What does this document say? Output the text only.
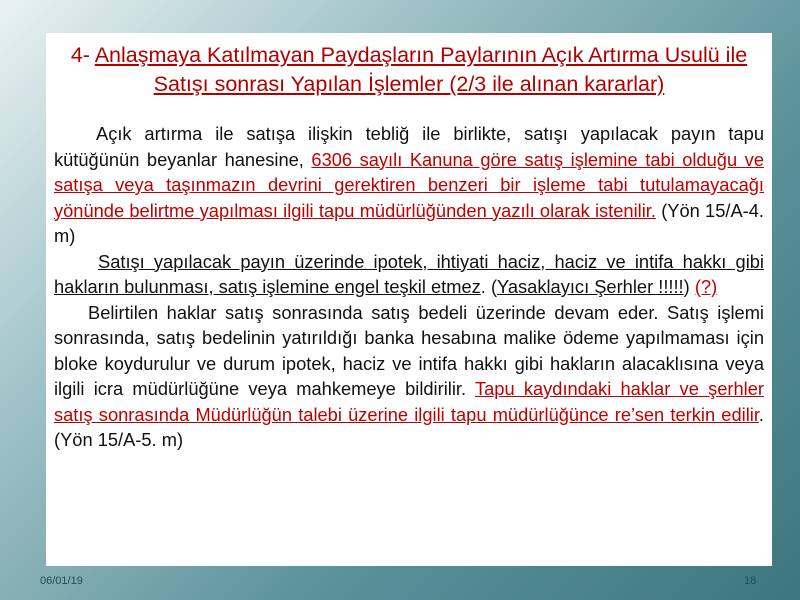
4- Anlaşmaya Katılmayan Paydaşların Paylarının Açık Artırma Usulü ile Satışı sonrası Yapılan İşlemler (2/3 ile alınan kararlar)

Açık artırma ile satışa ilişkin tebliğ ile birlikte, satışı yapılacak payın tapu kütüğünün beyanlar hanesine, 6306 sayılı Kanuna göre satış işlemine tabi olduğu ve satışa veya taşınmazın devrini gerektiren benzeri bir işleme tabi tutulamayacağı yönünde belirtme yapılması ilgili tapu müdürlüğünden yazılı olarak istenilir. (Yön 15/A-4. m)

Satışı yapılacak payın üzerinde ipotek, ihtiyati haciz, haciz ve intifa hakkı gibi hakların bulunması, satış işlemine engel teşkil etmez. (Yasaklayıcı Şerhler !!!!!) (?)

Belirtilen haklar satış sonrasında satış bedeli üzerinde devam eder. Satış işlemi sonrasında, satış bedelinin yatırıldığı banka hesabına malike ödeme yapılmaması için bloke koydurulur ve durum ipotek, haciz ve intifa hakkı gibi hakların alacaklısına veya ilgili icra müdürlüğüne veya mahkemeye bildirilir. Tapu kaydındaki haklar ve şerhler satış sonrasında Müdürlüğün talebi üzerine ilgili tapu müdürlüğünce re’sen terkin edilir.(Yön 15/A-5. m)

06/01/19	18
